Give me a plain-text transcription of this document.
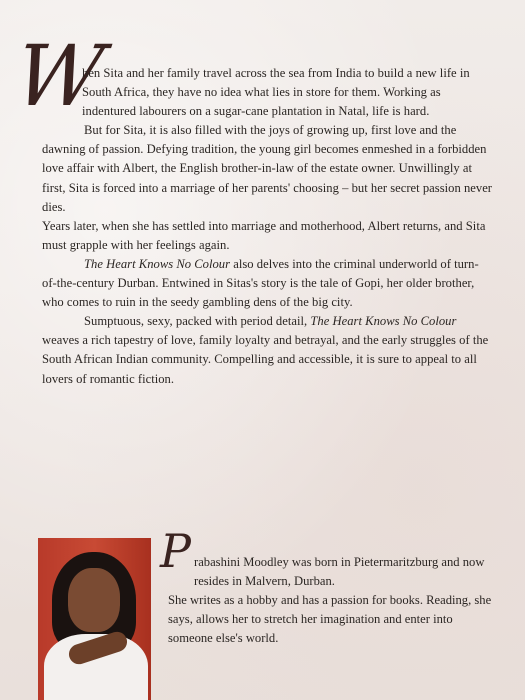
W

hen Sita and her family travel across the sea from India to build a new life in South Africa, they have no idea what lies in store for them. Working as indentured labourers on a sugar-cane plantation in Natal, life is hard.

But for Sita, it is also filled with the joys of growing up, first love and the dawning of passion. Defying tradition, the young girl becomes enmeshed in a forbidden love affair with Albert, the English brother-in-law of the estate owner. Unwillingly at first, Sita is forced into a marriage of her parents' choosing – but her secret passion never dies.

Years later, when she has settled into marriage and motherhood, Albert returns, and Sita must grapple with her feelings again.

The Heart Knows No Colour also delves into the criminal underworld of turn-of-the-century Durban. Entwined in Sitas's story is the tale of Gopi, her older brother, who comes to ruin in the seedy gambling dens of the big city.

Sumptuous, sexy, packed with period detail, The Heart Knows No Colour weaves a rich tapestry of love, family loyalty and betrayal, and the early struggles of the South African Indian community. Compelling and accessible, it is sure to appeal to all lovers of romantic fiction.

P rabashini Moodley was born in Pietermaritzburg and now resides in Malvern, Durban.

She writes as a hobby and has a passion for books. Reading, she says, allows her to stretch her imagination and enter into someone else's world.
